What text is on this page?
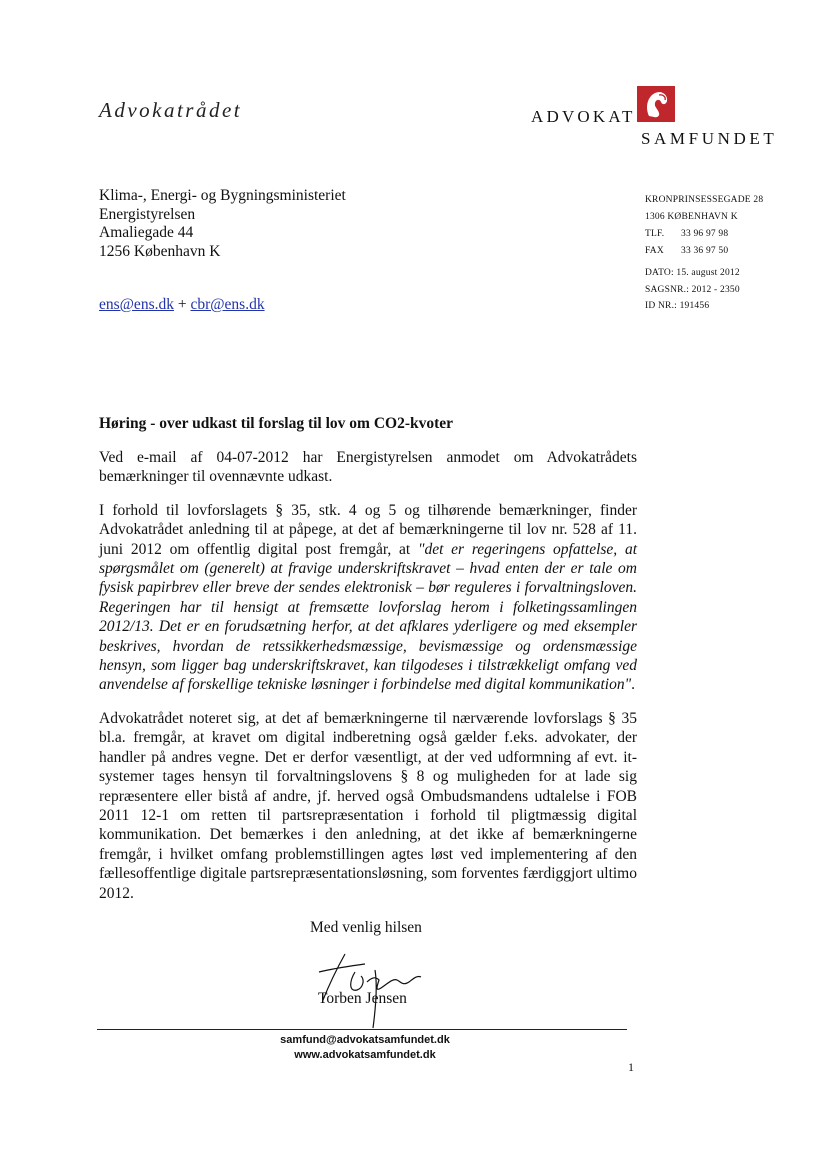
Advokatrådet	ADVOKAT
SAMFUNDET
Klima-, Energi- og Bygningsministeriet
Energistyrelsen
Amaliegade 44
1256 København K
ens@ens.dk + cbr@ens.dk
KRONPRINSESSEGADE 28
1306 KØBENHAVN K
TLF. 33 96 97 98
FAX 33 36 97 50
DATO: 15. august 2012
SAGSNR.: 2012 - 2350
ID NR.: 191456
Høring - over udkast til forslag til lov om CO2-kvoter

Ved e-mail af 04-07-2012 har Energistyrelsen anmodet om Advokatrådets bemærkninger til ovennævnte udkast.

I forhold til lovforslagets § 35, stk. 4 og 5 og tilhørende bemærkninger, finder Advokatrådet anledning til at påpege, at det af bemærkningerne til lov nr. 528 af 11. juni 2012 om offentlig digital post fremgår, at "det er regeringens opfattelse, at spørgsmålet om (generelt) at fravige underskriftskravet – hvad enten der er tale om fysisk papirbrev eller breve der sendes elektronisk – bør reguleres i forvaltningsloven. Regeringen har til hensigt at fremsætte lovforslag herom i folketingssamlingen 2012/13. Det er en forudsætning herfor, at det afklares yderligere og med eksempler beskrives, hvordan de retssikkerhedsmæssige, bevismæssige og ordensmæssige hensyn, som ligger bag underskriftskravet, kan tilgodeses i tilstrækkeligt omfang ved anvendelse af forskellige tekniske løsninger i forbindelse med digital kommunikation".

Advokatrådet noteret sig, at det af bemærkningerne til nærværende lovforslags § 35 bl.a. fremgår, at kravet om digital indberetning også gælder f.eks. advokater, der handler på andres vegne. Det er derfor væsentligt, at der ved udformning af evt. it-systemer tages hensyn til forvaltningslovens § 8 og muligheden for at lade sig repræsentere eller bistå af andre, jf. herved også Ombudsmandens udtalelse i FOB 2011 12-1 om retten til partsrepræsentation i forhold til pligtmæssig digital kommunikation. Det bemærkes i den anledning, at det ikke af bemærkningerne fremgår, i hvilket omfang problemstillingen agtes løst ved implementering af den fællesoffentlige digitale partsrepræsentationsløsning, som forventes færdiggjort ultimo 2012.

Med venlig hilsen
Torben Jensen
samfund@advokatsamfundet.dk
www.advokatsamfundet.dk
1
